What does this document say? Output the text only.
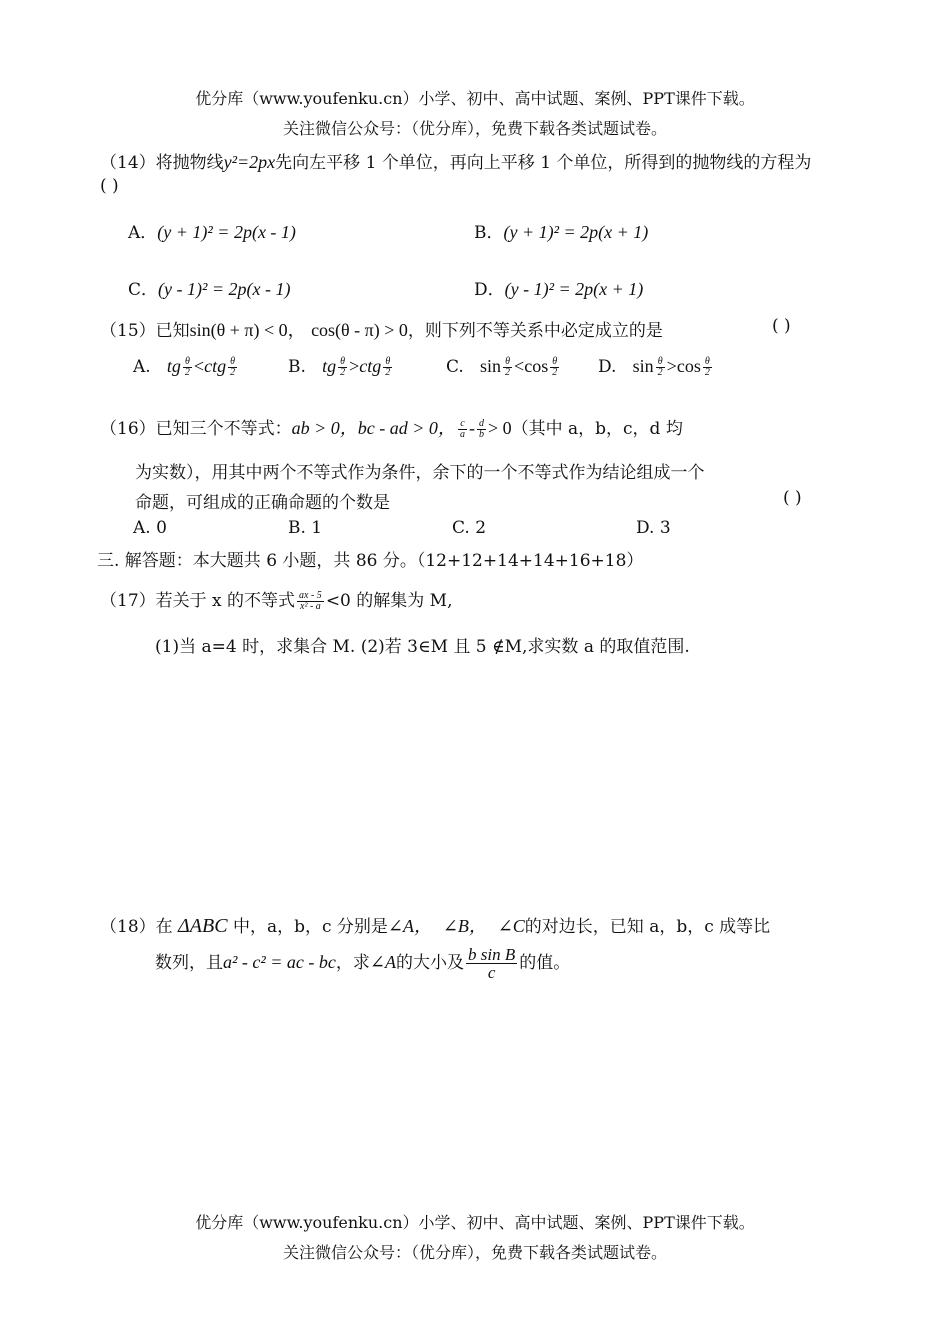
优分库（www.youfenku.cn）小学、初中、高中试题、案例、PPT课件下载。
关注微信公众号：（优分库），免费下载各类试题试卷。
（14）将抛物线y²=2px先向左平移 1 个单位，再向上平移 1 个单位，所得到的抛物线的方程为
( )
A．(y + 1)² = 2p(x - 1)	B．(y + 1)² = 2p(x + 1)
C．(y - 1)² = 2p(x - 1)	D．(y - 1)² = 2p(x + 1)
（15）已知sin(θ + π) < 0， cos(θ - π) > 0，则下列不等关系中必定成立的是	( )
A. tg $\frac{\theta}{2} <ctg \frac{\theta}{2}$	B. tg $\frac{\theta}{2} >ctg \frac{\theta}{2}$	C. $\sin \frac{\theta}{2} <\cos \frac{\theta}{2} D$. $\sin \frac{\theta}{2} >\cos \frac{\theta}{2}$
（16）已知三个不等式：ab > 0，bc - ad > 0， $\frac{c}{a} - \frac{d}{b} > 0$（其中 a，b，c，d 均
为实数），用其中两个不等式作为条件，余下的一个不等式作为结论组成一个
命题，可组成的正确命题的个数是	( )
A. 0	B. 1	C. 2	D. 3
三. 解答题：本大题共 6 小题，共 86 分。（12+12+14+14+16+18）
（17）若关于 x 的不等式 $\frac{ax - 5}{\text{x² - a}} <0$ 的解集为 M,
(1)当 a=4 时，求集合 M. (2)若 3∈M 且 5 ∉M,求实数 a 的取值范围.
（18）在 ΔABC 中，a，b，c 分别是∠A， ∠B， ∠C的对边长，已知 a，b，c 成等比
数列，且a² - c² = ac - bc，求∠A的大小及 $\frac{\text{b sin B}}{c}$ 的值。
优分库（www.youfenku.cn）小学、初中、高中试题、案例、PPT课件下载。
关注微信公众号：（优分库），免费下载各类试题试卷。
